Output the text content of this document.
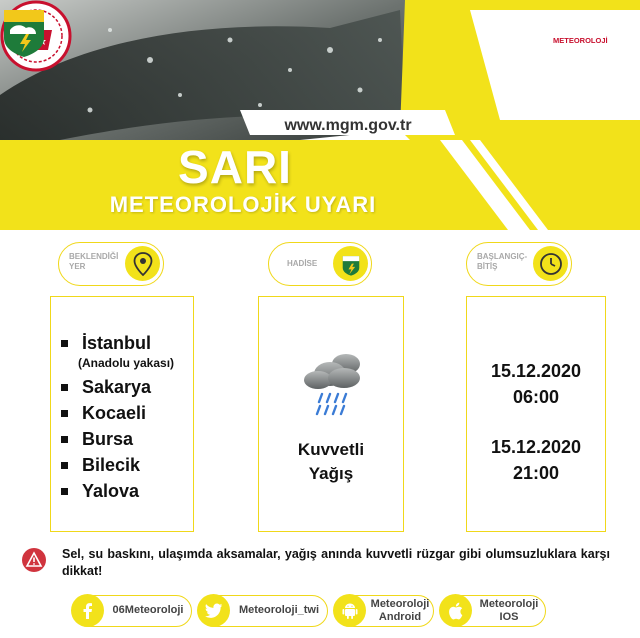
www.mgm.gov.tr
SARI
METEOROLOJİK UYARI
METEOROLOJİ
BEKLENDİĞİ
YER	HADİSE
BAŞLANGIÇ-
BİTİŞ
İstanbul
(Anadolu yakası)
Sakarya
Kocaeli
Bursa
Bilecik
Yalova
Kuvvetli
Yağış
15.12.2020
06:00
15.12.2020
21:00
Sel, su baskını, ulaşımda aksamalar, yağış anında kuvvetli rüzgar gibi olumsuzluklara karşı dikkat!
06Meteoroloji	Meteoroloji_twi	Meteoroloji
Android
Meteoroloji
IOS
